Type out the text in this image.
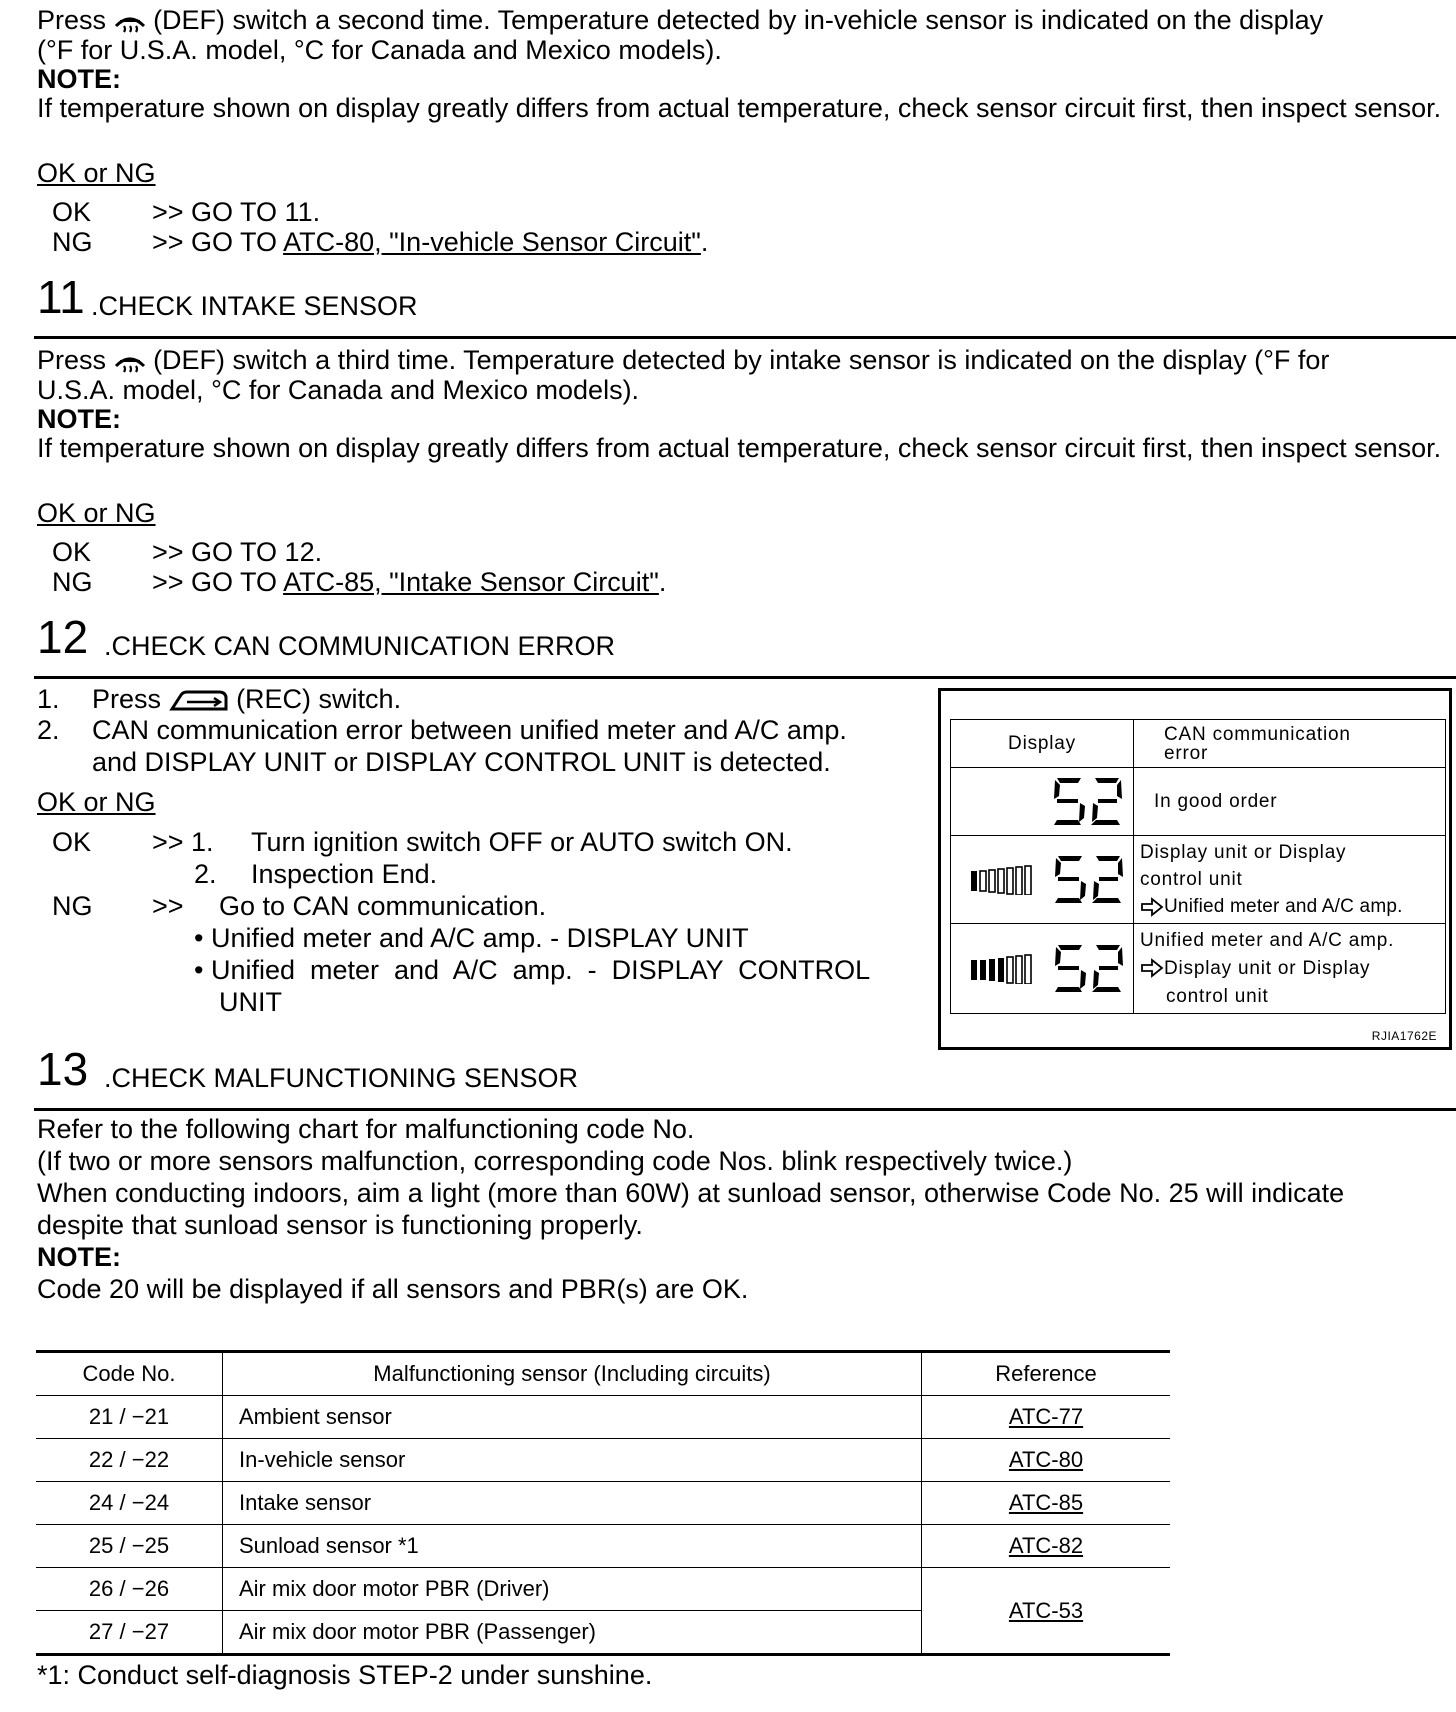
Press (DEF) switch a second time. Temperature detected by in-vehicle sensor is indicated on the display
(°F for U.S.A. model, °C for Canada and Mexico models).
NOTE:
If temperature shown on display greatly differs from actual temperature, check sensor circuit first, then inspect sensor.
OK or NG
OK >> GO TO 11.
NG >> GO TO ATC-80, "In-vehicle Sensor Circuit".
11 .CHECK INTAKE SENSOR
Press (DEF) switch a third time. Temperature detected by intake sensor is indicated on the display (°F for
U.S.A. model, °C for Canada and Mexico models).
NOTE:
If temperature shown on display greatly differs from actual temperature, check sensor circuit first, then inspect sensor.
OK or NG
OK >> GO TO 12.
NG >> GO TO ATC-85, "Intake Sensor Circuit".
12 .CHECK CAN COMMUNICATION ERROR
1. Press	(REC) switch.
2. CAN communication error between unified meter and A/C amp.
and DISPLAY UNIT or DISPLAY CONTROL UNIT is detected.
OK or NG
OK >> 1. Turn ignition switch OFF or AUTO switch ON.
2. Inspection End.
NG >> Go to CAN communication.
• Unified meter and A/C amp. - DISPLAY UNIT
• Unified  meter  and  A/C  amp.  -  DISPLAY  CONTROL
UNIT
Display	CAN communication
error

52	In good order
	Display unit or Display
control unit
Unified meter and A/C amp.
	Unified meter and A/C amp.
Display unit or Display
control unit
RJIA1762E
13 .CHECK MALFUNCTIONING SENSOR
Refer to the following chart for malfunctioning code No.
(If two or more sensors malfunction, corresponding code Nos. blink respectively twice.)
When conducting indoors, aim a light (more than 60W) at sunload sensor, otherwise Code No. 25 will indicate
despite that sunload sensor is functioning properly.
NOTE:
Code 20 will be displayed if all sensors and PBR(s) are OK.
Code No.	Malfunctioning sensor (Including circuits)	Reference
21 / −21	Ambient sensor	ATC-77
22 / −22	In-vehicle sensor	ATC-80
24 / −24	Intake sensor	ATC-85
25 / −25	Sunload sensor *1	ATC-82
26 / −26	Air mix door motor PBR (Driver)	ATC-53
27 / −27	Air mix door motor PBR (Passenger)	
*1: Conduct self-diagnosis STEP-2 under sunshine.
